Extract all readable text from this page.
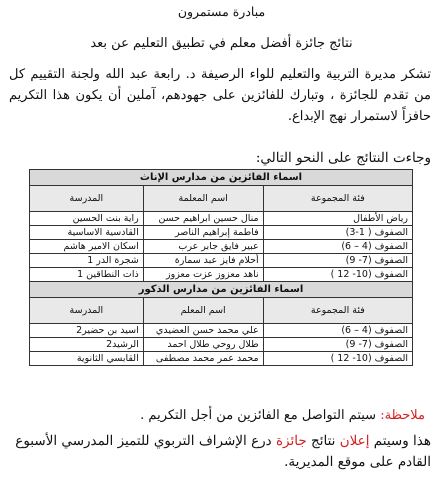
مبادرة مستمرون
نتائج جائزة أفضل معلم في تطبيق التعليم عن بعد
تشكر مديرة التربية والتعليم للواء الرصيفة د. رابعة عبد الله ولجنة التقييم كل من تقدم للجائزة ، وتبارك للفائزين على جهودهم، آملين أن يكون هذا التكريم حافزاً لاستمرار نهج الإبداع.
وجاءت النتائج على النحو التالي:
اسماء الفائزين من مدارس الإناث		
فئة المجموعة	اسم المعلمة	المدرسة
رياض الأطفال	منال حسين ابراهيم حسن	راية بنت الحسين
الصفوف ( 1-3)	فاطمة إبراهيم الناصر	القادسية الاساسية
الصفوف (4 – 6)	عبير فايق جابر عرب	اسكان الامير هاشم
الصفوف (7- 9)	أحلام فايز عبد سمارة	شجرة الدر 1
الصفوف (10- 12 )	ناهد معزوز عزت معزوز	ذات النطاقين 1
اسماء الفائزين من مدارس الذكور		
فئة المجموعة	اسم المعلم	المدرسة
الصفوف (4 – 6)	علي محمد حسن العضيدي	اسيد بن حضير2
الصفوف (7- 9)	طلال روحي طلال احمد	الرشيد2
الصفوف (10- 12 )	محمد عمر محمد مصطفى	القابسي الثانوية
ملاحظة: سيتم التواصل مع الفائزين من أجل التكريم .
هذا وسيتم إعلان نتائج جائزة درع الإشراف التربوي للتميز المدرسي الأسبوع القادم على موقع المديرية.
